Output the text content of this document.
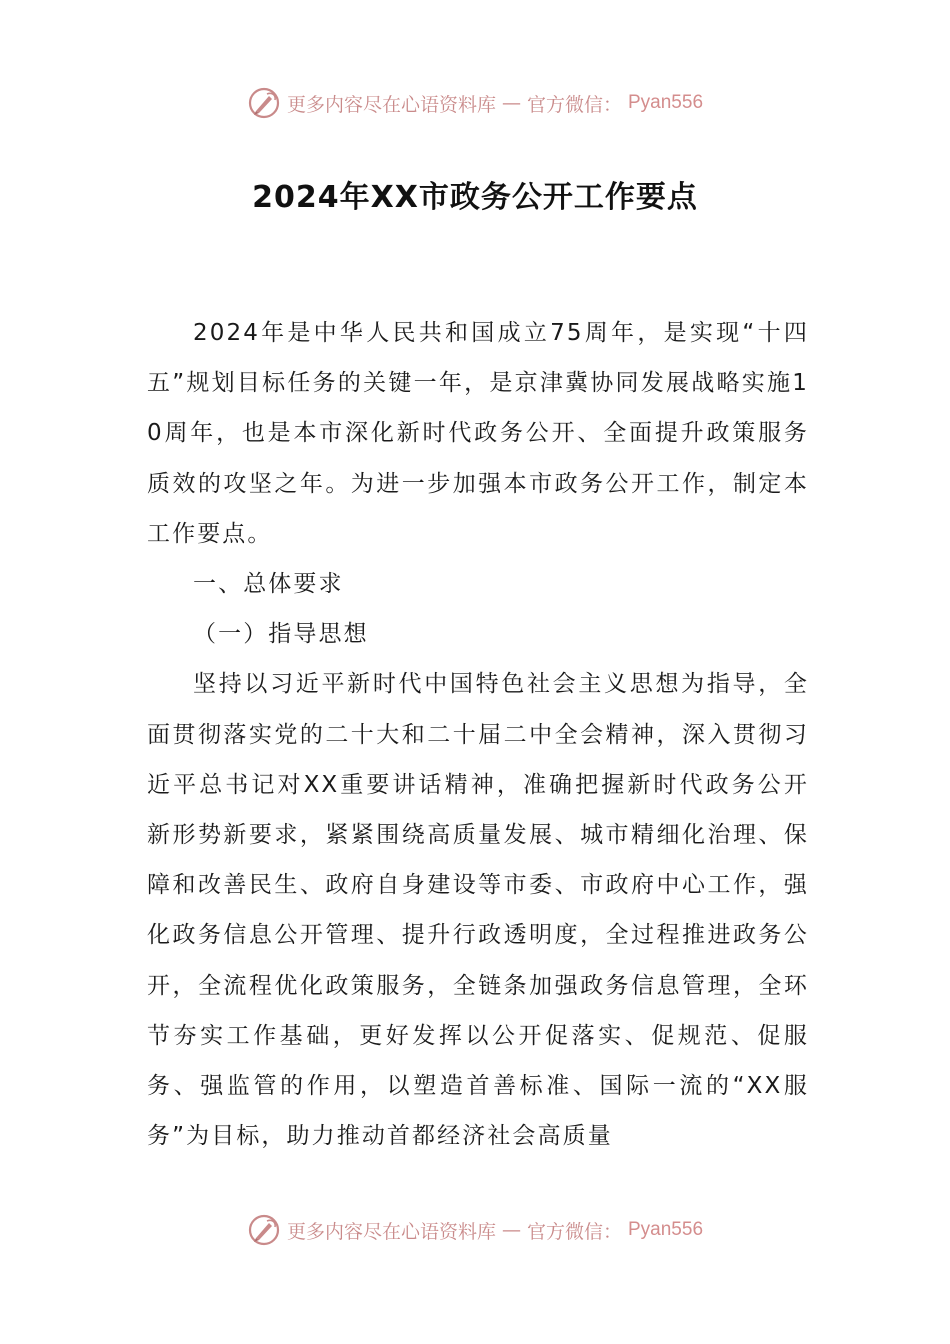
更多内容尽在心语资料库 — 官方微信： Pyan556
2024年XX市政务公开工作要点

2024年是中华人民共和国成立75周年，是实现“十四五”规划目标任务的关键一年，是京津冀协同发展战略实施10周年，也是本市深化新时代政务公开、全面提升政策服务质效的攻坚之年。为进一步加强本市政务公开工作，制定本工作要点。

一、总体要求

（一）指导思想

坚持以习近平新时代中国特色社会主义思想为指导，全面贯彻落实党的二十大和二十届二中全会精神，深入贯彻习近平总书记对XX重要讲话精神，准确把握新时代政务公开新形势新要求，紧紧围绕高质量发展、城市精细化治理、保障和改善民生、政府自身建设等市委、市政府中心工作，强化政务信息公开管理、提升行政透明度，全过程推进政务公开，全流程优化政策服务，全链条加强政务信息管理，全环节夯实工作基础，更好发挥以公开促落实、促规范、促服务、强监管的作用，以塑造首善标准、国际一流的“XX服务”为目标，助力推动首都经济社会高质量

更多内容尽在心语资料库 — 官方微信： Pyan556
